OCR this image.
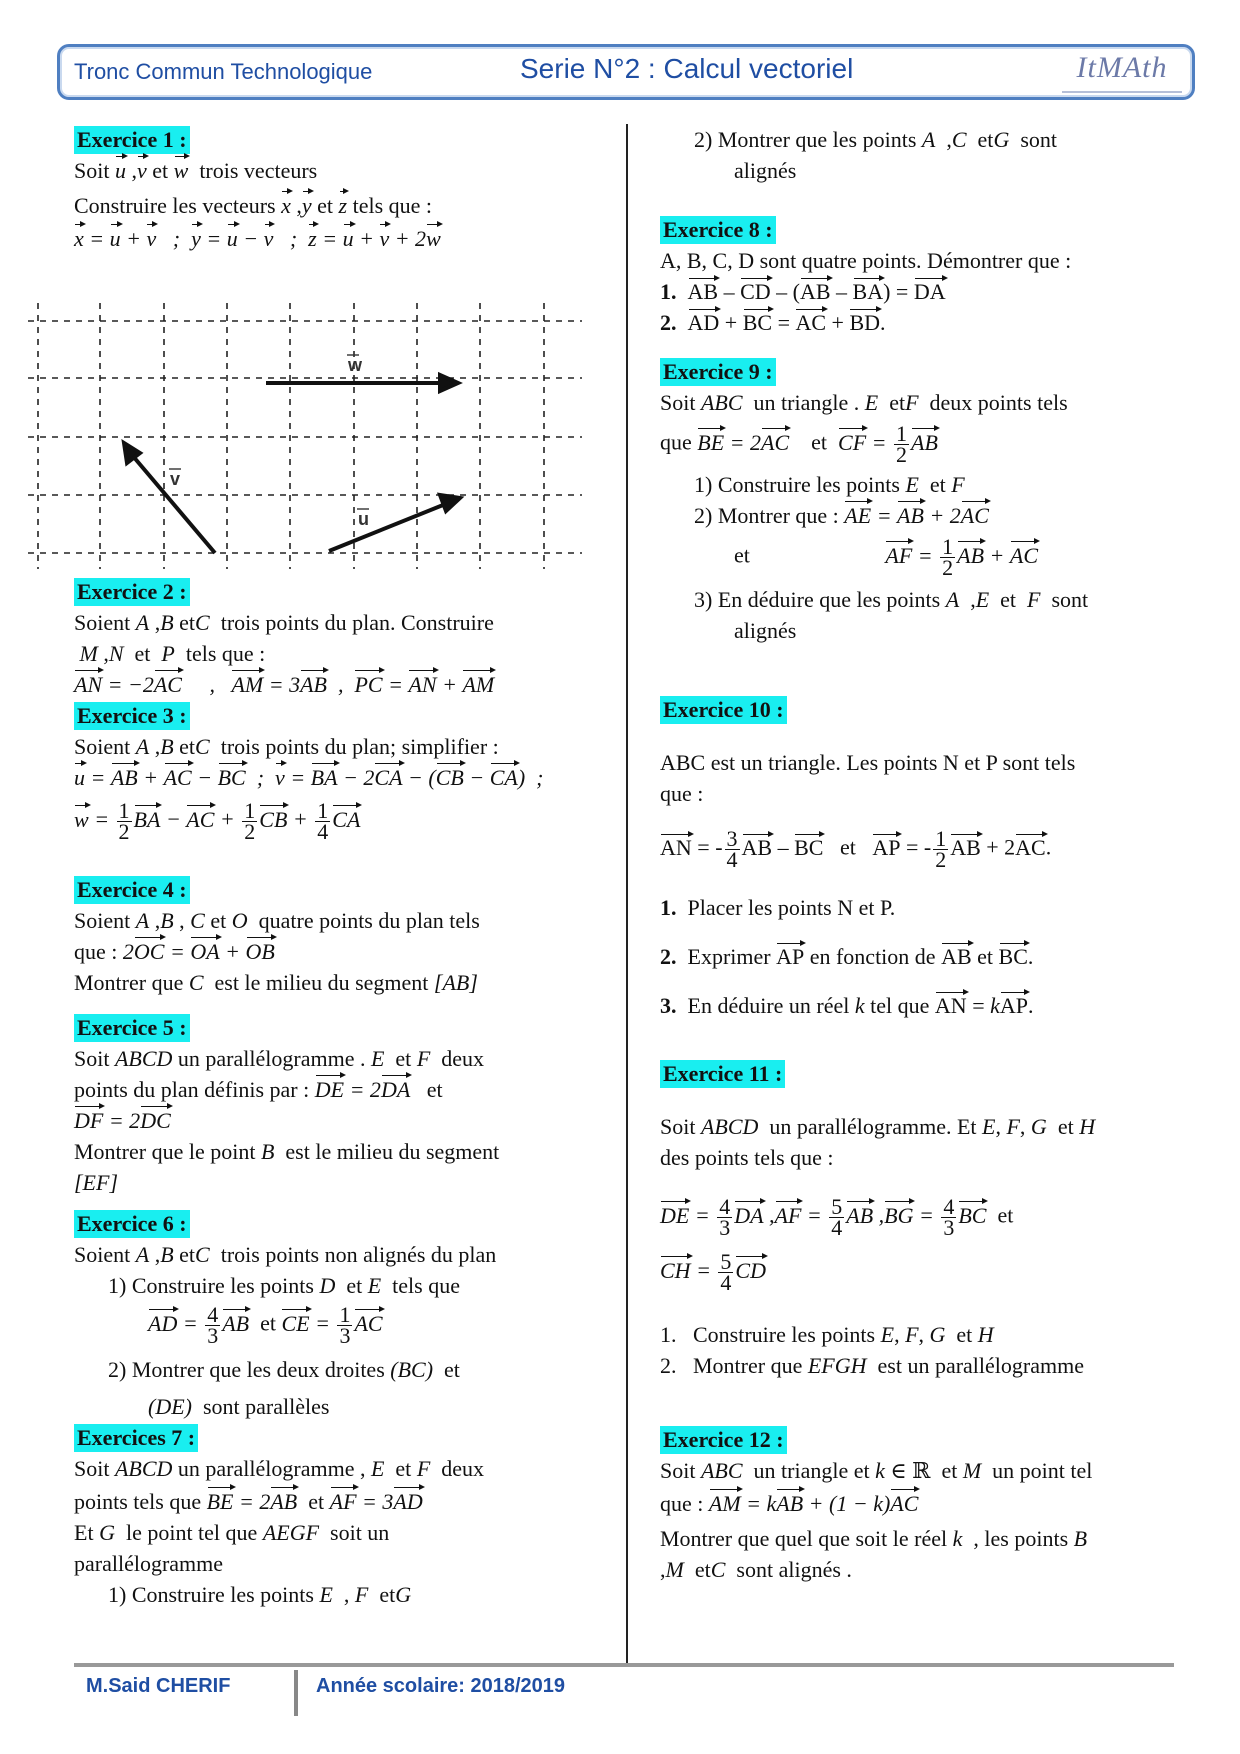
Tronc Commun Technologique	Serie N°2 : Calcul vectoriel	ItMAth
Exercice 1 :
Soit u ,v et w trois vecteurs
Construire les vecteurs x ,y et z tels que :
x = u + v   ;  y = u − v   ;  z = u + v + 2w
Exercice 2 :
Soient A ,B etC trois points du plan. Construire
M ,N  et  P tels que :
AN = −2AC     ,   AM = 3AB  ,  PC = AN + AM
Exercice 3 :
Soient A ,B etC trois points du plan; simplifier :
u = AB + AC − BC  ;  v = BA − 2CA − (CB − CA)  ;
$w = \frac{1}{2}$ BA − AC + $\frac{1}{2}$ CB + $\frac{1}{4}$ CA
Exercice 4 :
Soient A ,B , C et O quatre points du plan tels
que : 2OC = OA + OB
Montrer que C est le milieu du segment [AB]
Exercice 5 :
Soit ABCD un parallélogramme . E  et F  deux
points du plan définis par : DE = 2DA   et
DF = 2DC
Montrer que le point B est le milieu du segment
[EF]
Exercice 6 :
Soient A ,B etC trois points non alignés du plan
1) Construire les points D  et E tels que
AD = $\frac{4}{3}$ AB et CE = $\frac{1}{3}$ AC
2) Montrer que les deux droites (BC)  et
(DE) sont parallèles
Exercices 7 :
Soit ABCD un parallélogramme , E  et F deux
points tels que BE = 2AB  et AF = 3AD
Et G le point tel que AEGF soit un
parallélogramme
1) Construire les points E  , F  etG
w
v
u
2) Montrer que les points A  ,C  etG sont
alignés
Exercice 8 :
A, B, C, D sont quatre points. Démontrer que :
1. AB – CD – (AB – BA) = DA
2. AD + BC = AC + BD.
Exercice 9 :
Soit ABC un triangle . E  etF deux points tels
que BE = 2AC    et  CF = $\frac{1}{2}$ AB
1) Construire les points E  et F
2) Montrer que : AE = AB + 2AC
et	AF = $\frac{1}{2}$ AB + AC
3) En déduire que les points A  ,E  et  F sont
alignés
Exercice 10 :
ABC est un triangle. Les points N et P sont tels
que :
AN = - $\frac{3}{4}$ AB – BC   et   AP = - $\frac{1}{2}$ AB + 2AC.
1. Placer les points N et P.
2. Exprimer AP en fonction de AB et BC.
3. En déduire un réel k tel que AN = kAP.
Exercice 11 :
Soit ABCD un parallélogramme. Et E, F, G  et H
des points tels que :
DE = $\frac{4}{3}$ DA $,AF = \frac{5}{4}$ AB $,BG = \frac{4}{3}$ BC  et
CH = $\frac{5}{4}$ CD
1.   Construire les points E, F, G  et H
2.   Montrer que EFGH est un parallélogramme
Exercice 12 :
Soit ABC un triangle et k ∈ ℝ  et M un point tel
que : AM = kAB + (1 − k)AC
Montrer que quel que soit le réel k , les points B
,M  etC sont alignés .
M.Said CHERIF	Année scolaire: 2018/2019
